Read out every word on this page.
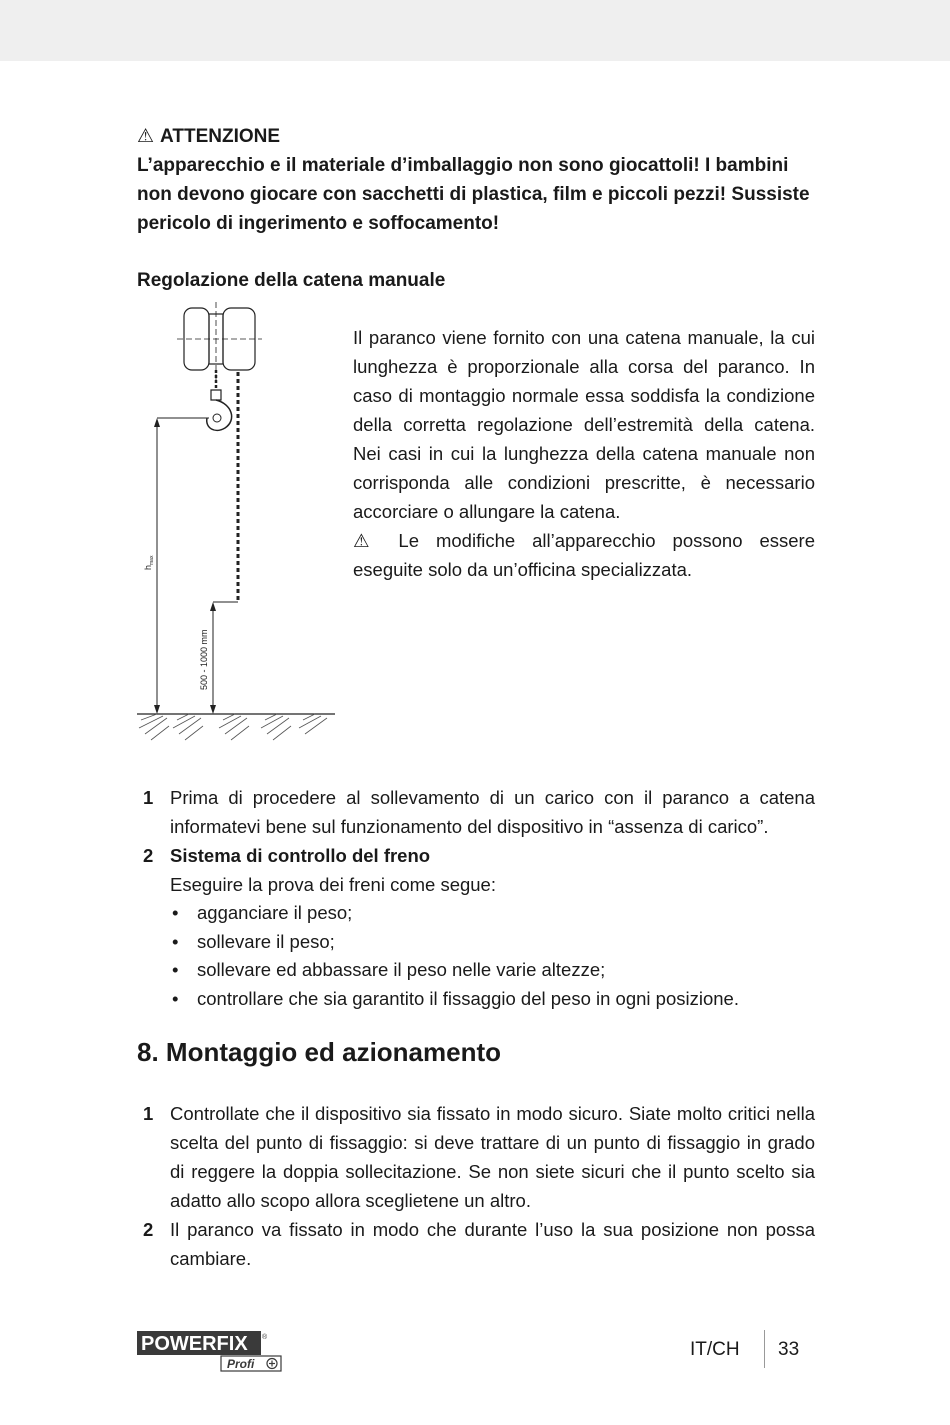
⚠ ATTENZIONE

L’apparecchio e il materiale d’imballaggio non sono giocattoli! I bambini non devono giocare con sacchetti di plastica, film e piccoli pezzi! Sussiste pericolo di ingerimento e soffocamento!

Regolazione della catena manuale

$h_{max}$
500 - 1000 mm
Il paranco viene fornito con una catena manuale, la cui lunghezza è proporzionale alla corsa del paranco. In caso di montaggio normale essa soddisfa la condizione della corretta regolazione dell’estremità della catena. Nei casi in cui la lunghezza della catena manuale non corrisponda alle condizioni prescritte, è necessario accorciare o allungare la catena.
⚠ Le modifiche all’apparecchio possono essere eseguite solo da un’officina specializzata.
1 Prima di procedere al sollevamento di un carico con il paranco a catena informatevi bene sul funzionamento del dispositivo in “assenza di carico”.
2 Sistema di controllo del freno
Eseguire la prova dei freni come segue:
• agganciare il peso;
• sollevare il peso;
• sollevare ed abbassare il peso nelle varie altezze;
• controllare che sia garantito il fissaggio del peso in ogni posizione.
8. Montaggio ed azionamento
1 Controllate che il dispositivo sia fissato in modo sicuro. Siate molto critici nella scelta del punto di fissaggio: si deve trattare di un punto di fissaggio in grado di reggere la doppia sollecitazione. Se non siete sicuri che il punto scelto sia adatto allo scopo allora sceglietene un altro.
2 Il paranco va fissato in modo che durante l’uso la sua posizione non possa cambiare.
POWERFIX ®
Profi
IT/CH 33
